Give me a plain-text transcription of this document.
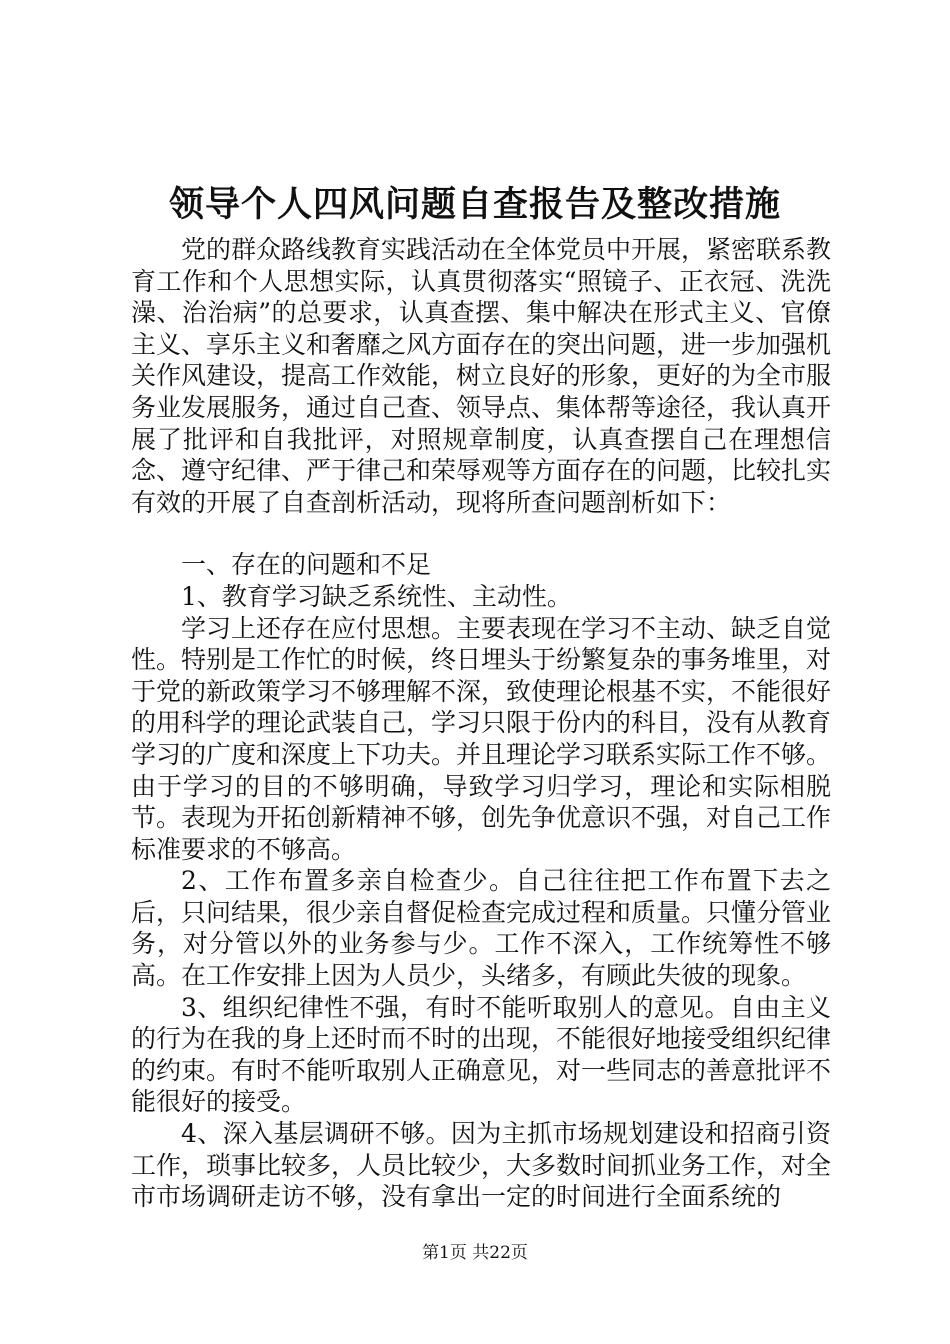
领导个人四风问题自查报告及整改措施

党的群众路线教育实践活动在全体党员中开展，紧密联系教育工作和个人思想实际，认真贯彻落实“照镜子、正衣冠、洗洗澡、治治病”的总要求，认真查摆、集中解决在形式主义、官僚主义、享乐主义和奢靡之风方面存在的突出问题，进一步加强机关作风建设，提高工作效能，树立良好的形象，更好的为全市服务业发展服务，通过自己查、领导点、集体帮等途径，我认真开展了批评和自我批评，对照规章制度，认真查摆自己在理想信念、遵守纪律、严于律己和荣辱观等方面存在的问题，比较扎实有效的开展了自查剖析活动，现将所查问题剖析如下：

一、存在的问题和不足

1、教育学习缺乏系统性、主动性。

学习上还存在应付思想。主要表现在学习不主动、缺乏自觉性。特别是工作忙的时候，终日埋头于纷繁复杂的事务堆里，对于党的新政策学习不够理解不深，致使理论根基不实，不能很好的用科学的理论武装自己，学习只限于份内的科目，没有从教育学习的广度和深度上下功夫。并且理论学习联系实际工作不够。由于学习的目的不够明确，导致学习归学习，理论和实际相脱节。表现为开拓创新精神不够，创先争优意识不强，对自己工作标准要求的不够高。

2、工作布置多亲自检查少。自己往往把工作布置下去之后，只问结果，很少亲自督促检查完成过程和质量。只懂分管业务，对分管以外的业务参与少。工作不深入，工作统筹性不够高。在工作安排上因为人员少，头绪多，有顾此失彼的现象。

3、组织纪律性不强，有时不能听取别人的意见。自由主义的行为在我的身上还时而不时的出现，不能很好地接受组织纪律的约束。有时不能听取别人正确意见，对一些同志的善意批评不能很好的接受。

4、深入基层调研不够。因为主抓市场规划建设和招商引资工作，琐事比较多，人员比较少，大多数时间抓业务工作，对全市市场调研走访不够，没有拿出一定的时间进行全面系统的

第1页 共22页
